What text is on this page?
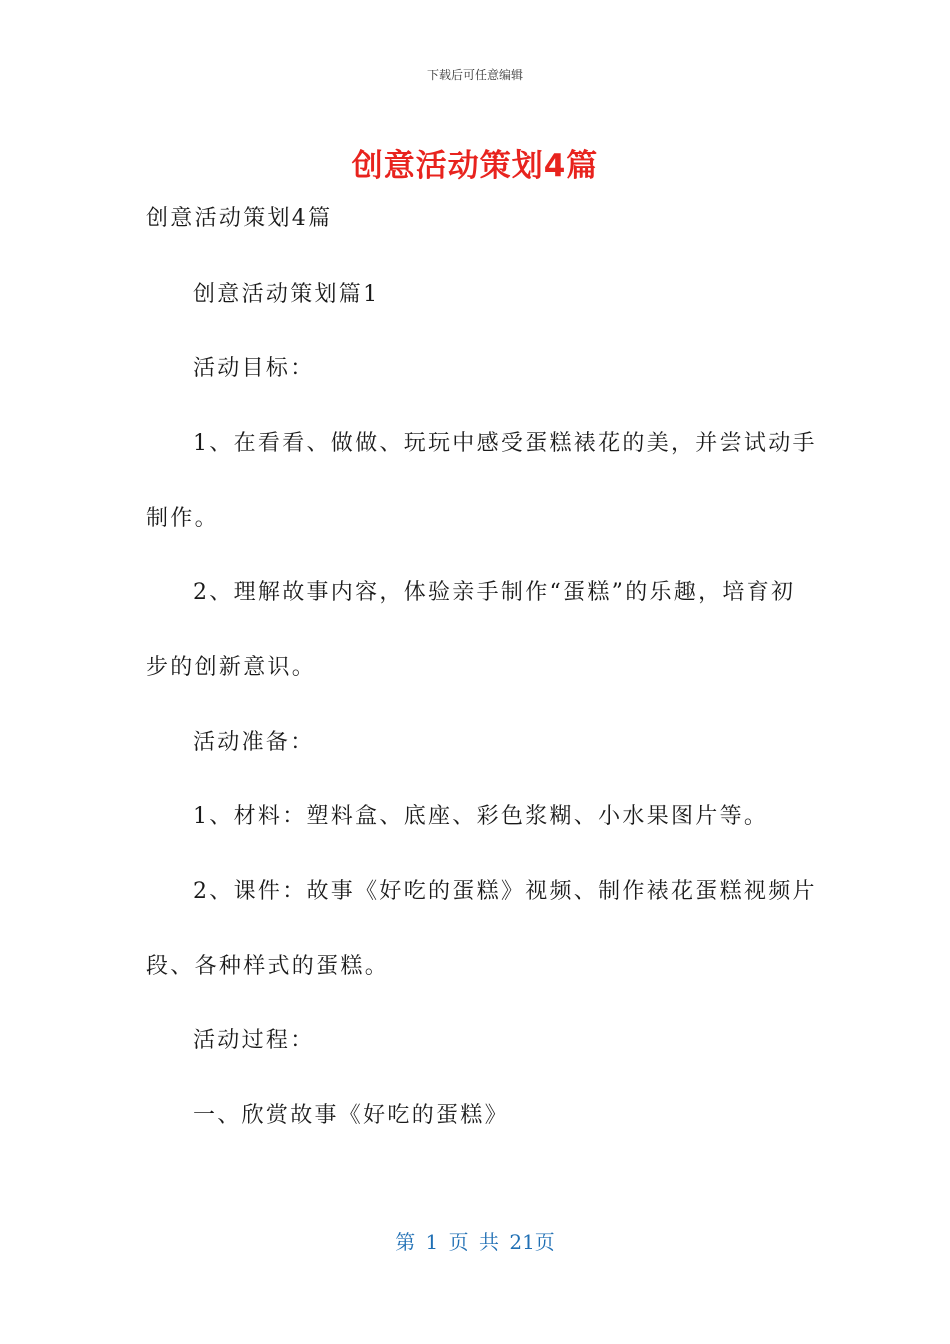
下载后可任意编辑
创意活动策划4篇

创意活动策划4篇

创意活动策划篇1

活动目标：

1、在看看、做做、玩玩中感受蛋糕裱花的美，并尝试动手

制作。

2、理解故事内容，体验亲手制作“蛋糕”的乐趣，培育初

步的创新意识。

活动准备：

1、材料：塑料盒、底座、彩色浆糊、小水果图片等。

2、课件：故事《好吃的蛋糕》视频、制作裱花蛋糕视频片

段、各种样式的蛋糕。

活动过程：

一、欣赏故事《好吃的蛋糕》

第 1 页 共 21页
